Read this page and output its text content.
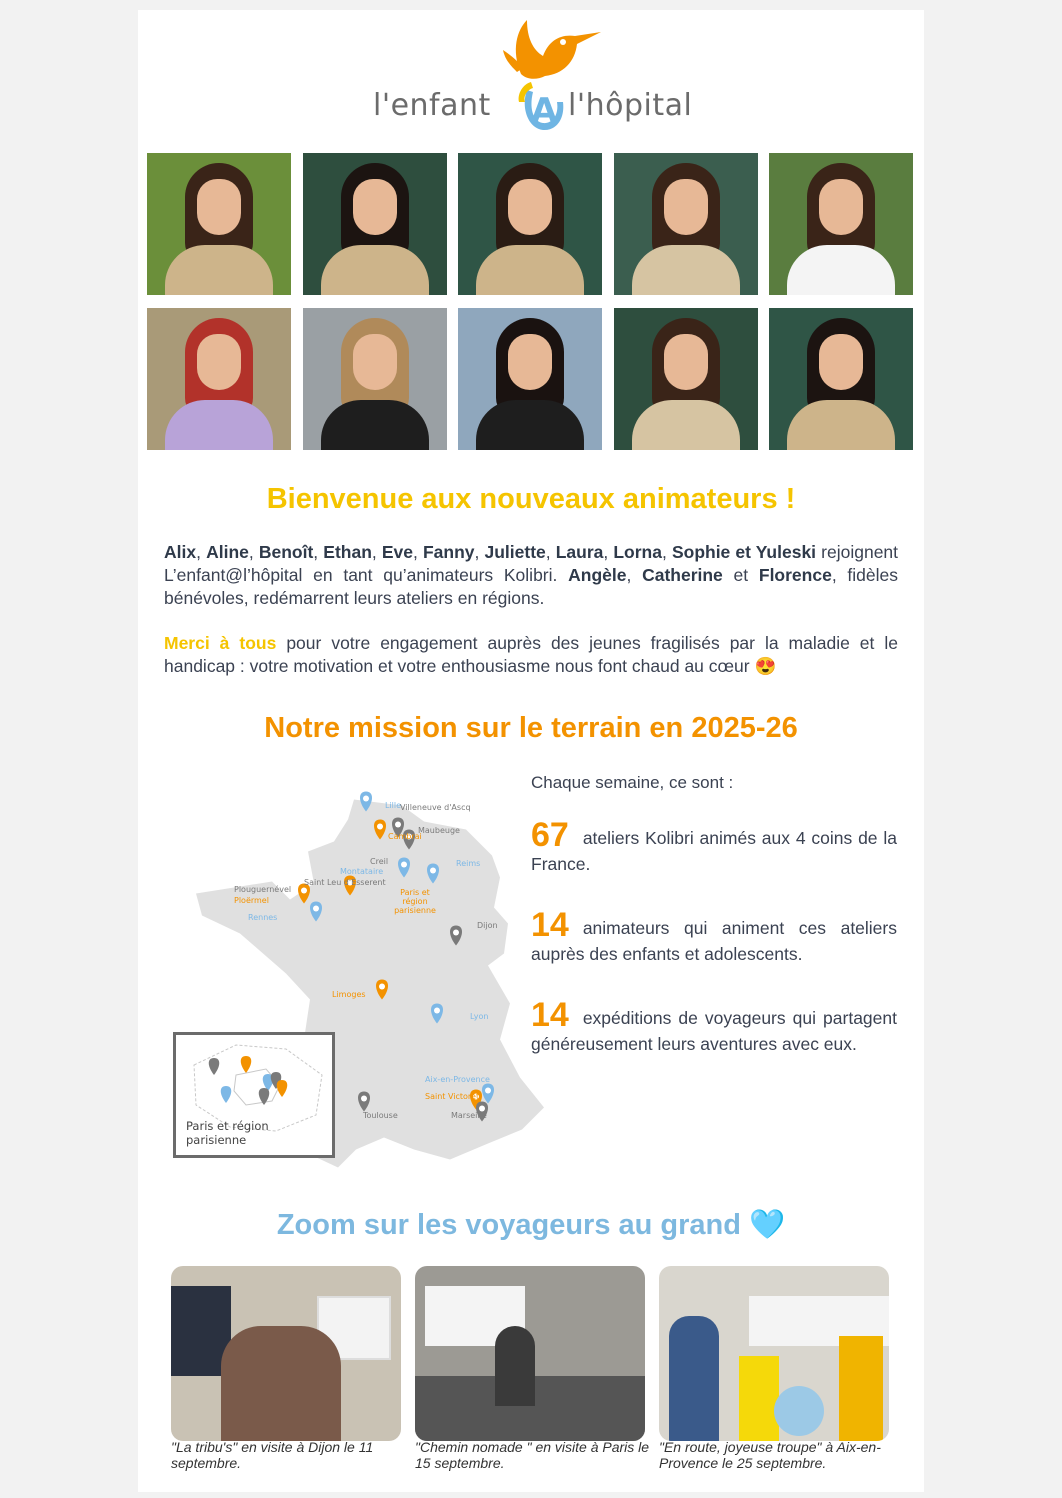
l'enfant	l'hôpital
A
Bienvenue aux nouveaux animateurs !
Alix, Aline, Benoît, Ethan, Eve, Fanny, Juliette, Laura, Lorna, Sophie et Yuleski rejoignent L’enfant@l’hôpital en tant qu’animateurs Kolibri. Angèle, Catherine et Florence, fidèles bénévoles, redémarrent leurs ateliers en régions.
Merci à tous pour votre engagement auprès des jeunes fragilisés par la maladie et le handicap : votre motivation et votre enthousiasme nous font chaud au cœur 😍
Notre mission sur le terrain en 2025-26
Lille
Villeneuve d'Ascq
Maubeuge
Cambrai
Creil
Montataire
Reims
Saint Leu d'Esserent
Plouguernével
Ploërmel
Rennes
Dijon
Limoges
Lyon
Aix-en-Provence
Saint Victoret
Marseille
Toulouse
Paris et région parisienne
Paris et région parisienne
Chaque semaine, ce sont :
67 ateliers Kolibri animés aux 4 coins de la France.
14 animateurs qui animent ces ateliers auprès des enfants et adolescents.
14 expéditions de voyageurs qui partagent généreusement leurs aventures avec eux.
Zoom sur les voyageurs au grand 🩵
"La tribu's" en visite à Dijon le 11 septembre.
"Chemin nomade " en visite à Paris le 15 septembre.
"En route, joyeuse troupe" à Aix-en-Provence le 25 septembre.
